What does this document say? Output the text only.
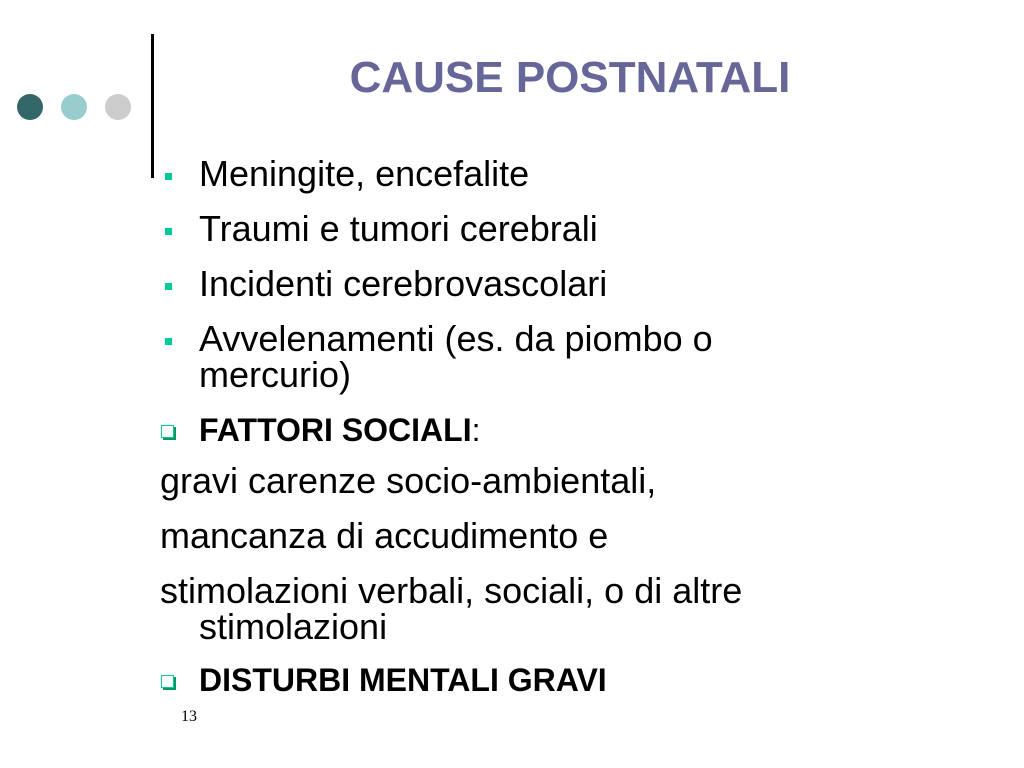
CAUSE POSTNATALI
Meningite, encefalite
Traumi e tumori cerebrali
Incidenti cerebrovascolari
Avvelenamenti (es. da piombo o
mercurio)
FATTORI SOCIALI:
gravi carenze socio-ambientali,
mancanza di accudimento e
stimolazioni verbali, sociali, o di altre
stimolazioni
DISTURBI MENTALI GRAVI
13
